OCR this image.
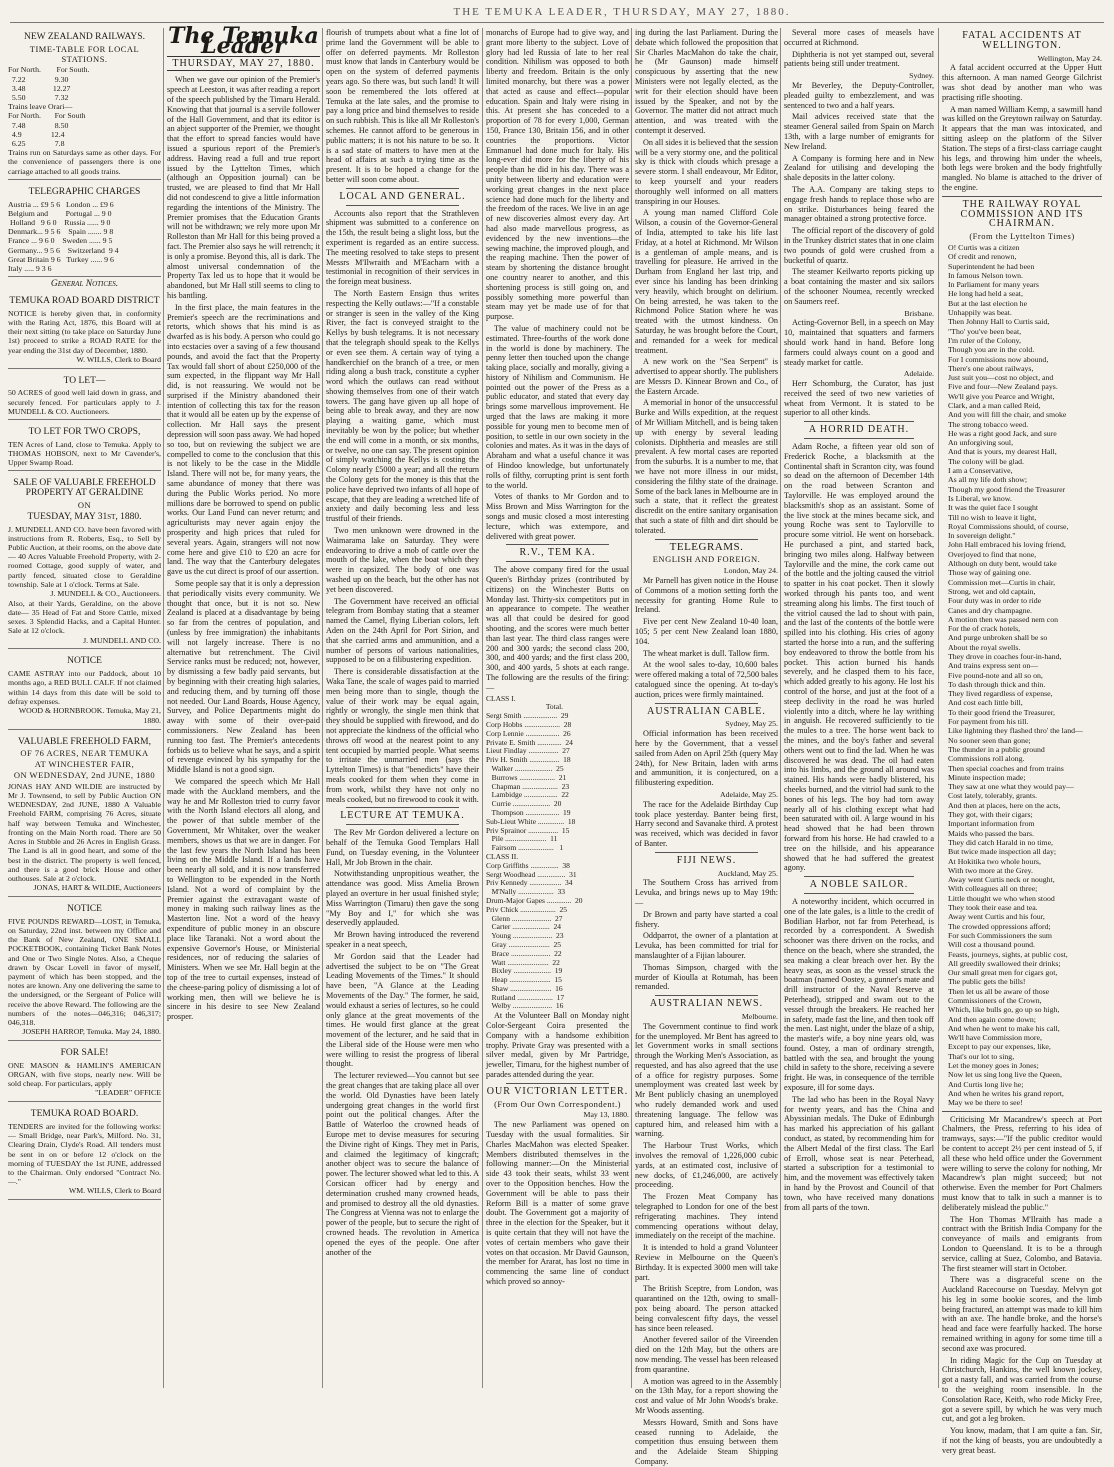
THE TEMUKA LEADER, THURSDAY, MAY 27, 1880.
NEW ZEALAND RAILWAYS.
TIME-TABLE FOR LOCAL STATIONS.
For North.        For South.
7.22               9.30
3.48              12.27
5.50               7.32
Trains leave Orari—
For North.       For South
7.48               8.50
4.9               12.4
6.25               7.8
Trains run on Saturdays same as other days. For the convenience of passengers there is one carriage attached to all goods trains.
TELEGRAPHIC CHARGES
Austria ... £9 5 6   London ... £9 6
Belgium and         Portugal ... 9 0
Holland   9 6 0    Russia ...... 9 0
Denmark... 9 5 6    Spain ....... 9 8
France ... 9 6 0    Sweden ...... 9 5
Germany... 9 5 6    Switzerland  9 4
Great Britain 9 6   Turkey ...... 9 6
Italy ..... 9 3 6
General Notices.
TEMUKA ROAD BOARD DISTRICT
NOTICE is hereby given that, in conformity with the Rating Act, 1876, this Board will at their next sitting (to take place on Saturday June 1st) proceed to strike a ROAD RATE for the year ending the 31st day of December, 1880.
W. WILLS, Clerk to Board
TO LET—
50 ACRES of good well laid down in grass, and securely fenced. For particulars apply to J. MUNDELL & CO. Auctioneers.
TO LET FOR TWO CROPS,
TEN Acres of Land, close to Temuka. Apply to THOMAS HOBSON, next to Mr Cavender's, Upper Swamp Road.
SALE OF VALUABLE FREEHOLD PROPERTY AT GERALDINE
ON
TUESDAY, MAY 31st, 1880.
J. MUNDELL AND CO. have been favored with instructions from R. Roberts, Esq., to Sell by Public Auction, at their rooms, on the above date— 40 Acres Valuable Freehold Property, with 2-roomed Cottage, good supply of water, and partly fenced, situated close to Geraldine township. Sale at 1 o'clock. Terms at Sale.
J. MUNDELL & CO., Auctioneers.
Also, at their Yards, Geraldine, on the above date— 35 Head of Fat and Store Cattle, mixed sexes. 3 Splendid Hacks, and a Capital Hunter. Sale at 12 o'clock.
J. MUNDELL AND CO.
NOTICE
CAME ASTRAY into our Paddock, about 10 months ago, a RED BULL CALF. If not claimed within 14 days from this date will be sold to defray expenses.
WOOD & HORNBROOK. Temuka, May 21, 1880.
VALUABLE FREEHOLD FARM,
OF 76 ACRES, NEAR TEMUKA
AT WINCHESTER FAIR,
ON WEDNESDAY, 2nd JUNE, 1880
JONAS HAY AND WILDIE are instructed by Mr J. Townsend, to sell by Public Auction ON WEDNESDAY, 2nd JUNE, 1880 A Valuable Freehold FARM, comprising 76 Acres, situate half way between Temuka and Winchester, fronting on the Main North road. There are 50 Acres in Stubble and 26 Acres in English Grass. The Land is all in good heart, and some of the best in the district. The property is well fenced, and there is a good brick House and other outhouses. Sale at 2 o'clock.
JONAS, HART & WILDIE, Auctioneers
NOTICE
FIVE POUNDS REWARD—LOST, in Temuka, on Saturday, 22nd inst. between my Office and the Bank of New Zealand, ONE SMALL POCKETBOOK, containing Ticket Bank Notes and One or Two Single Notes. Also, a Cheque drawn by Oscar Lovell in favor of myself, payment of which has been stopped, and the notes are known. Any one delivering the same to the undersigned, or the Sergeant of Police will receive the above Reward. The following are the numbers of the notes—046,316; 046,317; 046,318.
JOSEPH HARROP, Temuka. May 24, 1880.
FOR SALE!
ONE MASON & HAMLIN'S AMERICAN ORGAN, with five stops, nearly new. Will be sold cheap. For particulars, apply
"LEADER" OFFICE
TEMUKA ROAD BOARD.
TENDERS are invited for the following works:— Small Bridge, near Park's, Milford. No. 31, Clearing Drain, Clyde's Road. All tenders must be sent in on or before 12 o'clock on the morning of TUESDAY the 1st JUNE, addressed to the Chairman. Only endorsed "Contract No. —."
WM. WILLS, Clerk to Board
The Temuka Leader
THURSDAY, MAY 27, 1880.

When we gave our opinion of the Premier's speech at Leeston, it was after reading a report of the speech published by the Timaru Herald. Knowing that that journal is a servile follower of the Hall Government, and that its editor is an abject supporter of the Premier, we thought that the effort to spread fancies would have issued a spurious report of the Premier's address. Having read a full and true report issued by the Lyttelton Times, which (although an Opposition journal) can be trusted, we are pleased to find that Mr Hall did not condescend to give a little information regarding the intentions of the Ministry. The Premier promises that the Education Grants will not be withdrawn; we rely more upon Mr Rolleston than Mr Hall for this being proved a fact. The Premier also says he will retrench; it is only a promise. Beyond this, all is dark. The almost universal condemnation of the Property Tax led us to hope that it would be abandoned, but Mr Hall still seems to cling to his bantling.

In the first place, the main features in the Premier's speech are the recriminations and retorts, which shows that his mind is as dwarfed as is his body. A person who could go into ecstacies over a saving of a few thousand pounds, and avoid the fact that the Property Tax would fall short of about £250,000 of the sum expected, in the flippant way Mr Hall did, is not reassuring. We would not be surprised if the Ministry abandoned their intention of collecting this tax for the reason that it would all be eaten up by the expense of collection. Mr Hall says the present depression will soon pass away. We had hoped so too, but on reviewing the subject we are compelled to come to the conclusion that this is not likely to be the case in the Middle Island. There will not be, for many years, the same abundance of money that there was during the Public Works period. No more millions dare be borrowed to spend on public works. Our Land Fund can never return; and agriculturists may never again enjoy the prosperity and high prices that ruled for several years. Again, strangers will not now come here and give £10 to £20 an acre for land. The way that the Canterbury delegates gave us the cut direct is proof of our assertion.

Some people say that it is only a depression that periodically visits every community. We thought that once, but it is not so. New Zealand is placed at a disadvantage by being so far from the centres of population, and (unless by free immigration) the inhabitants will not largely increase. There is no alternative but retrenchment. The Civil Service ranks must be reduced; not, however, by dismissing a few badly paid servants, but by beginning with their creating high salaries, and reducing them, and by turning off those not needed. Our Land Boards, House Agency, Survey, and Police Departments might do away with some of their over-paid commissioners. New Zealand has been running too fast. The Premier's antecedents forbids us to believe what he says, and a spirit of revenge evinced by his sympathy for the Middle Island is not a good sign.

We compared the speech which Mr Hall made with the Auckland members, and the way he and Mr Rolleston tried to curry favor with the North Island electors all along, and the power of that subtle member of the Government, Mr Whitaker, over the weaker members, shows us that we are in danger. For the last few years the North Island has been living on the Middle Island. If a lands have been nearly all sold, and it is now transferred to Wellington to be expended in the North Island. Not a word of complaint by the Premier against the extravagant waste of money in making such railway lines as the Masterton line. Not a word of the heavy expenditure of public money in an obscure place like Taranaki. Not a word about the expensive Governor's House, or Ministerial residences, nor of reducing the salaries of Ministers. When we see Mr. Hall begin at the top of the tree to curtail expenses, instead of the cheese-paring policy of dismissing a lot of working men, then will we believe he is sincere in his desire to see New Zealand prosper.

flourish of trumpets about what a fine lot of prime land the Government will be able to offer on deferred payments. Mr Rolleston must know that lands in Canterbury would be open on the system of deferred payments years ago. So there was, but such land! It will soon be remembered the lots offered at Temuka at the late sales, and the promise to pay a long price and bind themselves to reside on such rubbish. This is like all Mr Rolleston's schemes. He cannot afford to be generous in public matters; it is not his nature to be so. It is a sad state of matters to have men at the head of affairs at such a trying time as the present. It is to be hoped a change for the better will soon come about.

LOCAL AND GENERAL.

Accounts also report that the Strathleven shipment was submitted to a conference on the 15th, the result being a slight loss, but the experiment is regarded as an entire success. The meeting resolved to take steps to present Messrs M'Ilwraith and M'Eacharn with a testimonial in recognition of their services in the foreign meat business.

The North Eastern Ensign thus writes respecting the Kelly outlaws:—"If a constable or stranger is seen in the valley of the King River, the fact is conveyed straight to the Kellys by bush telegrams. It is not necessary that the telegraph should speak to the Kellys or even see them. A certain way of tying a handkerchief on the branch of a tree, or men riding along a bush track, constitute a cypher word which the outlaws can read without showing themselves from one of their watch towers. The gang have given up all hope of being able to break away, and they are now playing a waiting game, which must inevitably be won by the police; but whether the end will come in a month, or six months, or twelve, no one can say. The present opinion of simply watching the Kellys is costing the Colony nearly £5000 a year; and all the return the Colony gets for the money is this that the police have deprived two infants of all hope of escape, that they are leading a wretched life of anxiety and daily becoming less and less trustful of their friends.

Two men unknown were drowned in the Waimarama lake on Saturday. They were endeavoring to drive a mob of cattle over the mouth of the lake, when the boat which they were in capsized. The body of one was washed up on the beach, but the other has not yet been discovered.

The Government have received an official telegram from Bombay stating that a steamer named the Camel, flying Liberian colors, left Aden on the 24th April for Port Sirion, and that she carried arms and ammunition, and a number of persons of various nationalities, supposed to be on a filibustering expedition.

There is considerable dissatisfaction at the Waka Tane, the scale of wages paid to married men being more than to single, though the value of their work may be equal again, rightly or wrongly, the single men think that they should be supplied with firewood, and do not appreciate the kindness of the official who throws off wood at the nearest point to any tent occupied by married people. What seems to irritate the unmarried men (says the Lyttelton Times) is that "benedicts" have their meals cooked for them when they come in from work, whilst they have not only no meals cooked, but no firewood to cook it with.

LECTURE AT TEMUKA.

The Rev Mr Gordon delivered a lecture on behalf of the Temuka Good Templars Hall Fund, on Tuesday evening, in the Volunteer Hall, Mr Job Brown in the chair.

Notwithstanding unpropitious weather, the attendance was good. Miss Amelia Brown played an overture in her usual finished style; Miss Warrington (Timaru) then gave the song "My Boy and I," for which she was deservedly applauded.

Mr Brown having introduced the reverend speaker in a neat speech,

Mr Gordon said that the Leader had advertised the subject to be on "The Great Leading Movements of the Times." It should have been, "A Glance at the Leading Movements of the Day." The former, he said, would exhaust a series of lectures, so he could only glance at the great movements of the times. He would first glance at the great movement of the lecturer, and he said that in the Liberal side of the House were men who were willing to resist the progress of liberal thought.

The lecturer reviewed—You cannot but see the great changes that are taking place all over the world. Old Dynasties have been lately undergoing great changes in the world first point out the political changes. After the Battle of Waterloo the crowned heads of Europe met to devise measures for securing the Divine right of Kings. They met in Paris, and claimed the legitimacy of kingcraft; another object was to secure the balance of power. The lecturer showed what led to this. A Corsican officer had by energy and determination crushed many crowned heads, and promised to destroy all the old dynasties. The Congress at Vienna was not to enlarge the power of the people, but to secure the right of crowned heads. The revolution in America opened the eyes of the people. One after another of the

monarchs of Europe had to give way, and grant more liberty to the subject. Love of glory had led Russia of late to her real condition. Nihilism was opposed to both liberty and freedom. Britain is the only limited monarchy, but there was a power that acted as cause and effect—popular education. Spain and Italy were rising in this. At present she has conceded to a proportion of 78 for every 1,000, German 150, France 130, Britain 156, and in other countries the proportions. Victor Emmanuel had done much for Italy. His long-ever did more for the liberty of his people than he did in his day. There was a unity between liberty and education were working great changes in the next place science had done much for the liberty and the freedom of the races. We live in an age of new discoveries almost every day. Art had also made marvellous progress, as evidenced by the new inventions—the sewing machine, the improved plough, and the reaping machine. Then the power of steam by shortening the distance brought one country nearer to another, and this shortening process is still going on, and possibly something more powerful than steam may yet be made use of for that purpose.

The value of machinery could not be estimated. Three-fourths of the work done in the world is done by machinery. The penny letter then touched upon the change taking place, socially and morally, giving a history of Nihilism and Communism. He pointed out the power of the Press as a public educator, and stated that every day brings some marvellous improvement. He urged that the laws are making it more possible for young men to become men of position, to settle in our own society in the colonies and mates. As it was in the days of Abraham and what a useful chance it was of Hindoo knowledge, but unfortunately rolls of filthy, corrupting print is sent forth to the world.

Votes of thanks to Mr Gordon and to Miss Brown and Miss Warrington for the songs and music closed a most interesting lecture, which was extempore, and delivered with great power.

R.V., TEM KA.

The above company fired for the usual Queen's Birthday prizes (contributed by citizens) on the Winchester Butts on Monday last. Thirty-six competitors put in an appearance to compete. The weather was all that could be desired for good shooting, and the scores were much better than last year. The third class ranges were 200 and 300 yards; the second class 200, 300, and 400 yards; and the first class 200, 300, and 400 yards, 5 shots at each range. The following are the results of the firing:—

CLASS I.
Total.
Sergt Smith ..................  29
Corp Hobbs ...................  28
Corp Lennie ..................  26
Private E. Smith .............  24
Lieut Findlay ................  27
Priv H. Smith ................  18
Walker ....................  25
Burrows ...................  21
Chapman ...................  23
Lambidge ..................  22
Currie ....................  20
Thompson ..................  19
Sub-Lieut White ..............  18
Priv Sprainor ................  15
Pile ......................  11
Fairsom ...................   1
CLASS II.
Corp Griffiths ...............  38
Sergt Woodhead ...............  31
Priv Kennedy .................  34
M'Nally ...................  33
Drum-Major Gapes .............  20
Priv Chick ...................  25
Glenn .....................  27
Carter ....................  24
Young .....................  23
Gray ......................  25
Brace .....................  22
Watt ......................  22
Bixley ....................  19
Heap ......................  15
Shaw ......................  16
Rutland ...................  17
Welby .....................  16

At the Volunteer Ball on Monday night Color-Sergeant Coira presented the Company with a handsome exhibition trophy. Private Gray was presented with a silver medal, given by Mr Partridge, jeweller, Timaru, for the highest number of parades attended during the year.

OUR VICTORIAN LETTER.
(From Our Own Correspondent.)
May 13, 1880.

The new Parliament was opened on Tuesday with the usual formalities. Sir Charles MacMahon was elected Speaker. Members distributed themselves in the following manner:—On the Ministerial side 43 took their seats, whilst 33 went over to the Opposition benches. How the Government will be able to pass their Reform Bill is a matter of some grave doubt. The Government got a majority of three in the election for the Speaker, but it is quite certain that they will not have the votes of certain members who gave their votes on that occasion. Mr David Gaunson, the member for Ararat, has lost no time in commencing the same line of conduct which proved so annoy-

ing during the last Parliament. During the debate which followed the proposition that Sir Charles MacMahon do take the chair, he (Mr Gaunson) made himself conspicuous by asserting that the new Ministers were not legally elected, as the writ for their election should have been issued by the Speaker, and not by the Governor. The matter did not attract much attention, and was treated with the contempt it deserved.

On all sides it is believed that the session will be a very stormy one, and the political sky is thick with clouds which presage a severe storm. I shall endeavour, Mr Editor, to keep yourself and your readers thoroughly well informed on all matters transpiring in our Houses.

A young man named Clifford Cole Wilson, a cousin of the Governor-General of India, attempted to take his life last Friday, at a hotel at Richmond. Mr Wilson is a gentleman of ample means, and is travelling for pleasure. He arrived in the Durham from England her last trip, and ever since his landing has been drinking very heavily, which brought on delirium. On being arrested, he was taken to the Richmond Police Station where he was treated with the utmost kindness. On Saturday, he was brought before the Court, and remanded for a week for medical treatment.

A new work on the "Sea Serpent" is advertised to appear shortly. The publishers are Messrs D. Kinnear Brown and Co., of the Eastern Arcade.

A memorial in honor of the unsuccessful Burke and Wills expedition, at the request of Mr William Mitchell, and is being taken up with energy by several leading colonists. Diphtheria and measles are still prevalent. A few mortal cases are reported from the suburbs. It is a number to me, that we have not more illness in our midst, considering the filthy state of the drainage. Some of the back lanes in Melbourne are in such a state, that it reflect the greatest discredit on the entire sanitary organisation that such a state of filth and dirt should be tolerated.

TELEGRAMS.
ENGLISH AND FOREIGN.
London, May 24.

Mr Parnell has given notice in the House of Commons of a motion setting forth the necessity for granting Home Rule to Ireland.

Five per cent New Zealand 10-40 loan, 105; 5 per cent New Zealand loan 1880, 104.

The wheat market is dull. Tallow firm.

At the wool sales to-day, 10,600 bales were offered making a total of 72,500 bales catalogued since the opening. At to-day's auction, prices were firmly maintained.

AUSTRALIAN CABLE.
Sydney, May 25.

Official information has been received here by the Government, that a vessel sailed from Aden on April 25th (query May 24th), for New Britain, laden with arms and ammunition, it is conjectured, on a filibustering expedition.

Adelaide, May 25.

The race for the Adelaide Birthday Cup took place yesterday. Banter being first, Harry second and Savanake third. A protest was received, which was decided in favor of Banter.

FIJI NEWS.
Auckland, May 25.

The Southern Cross has arrived from Levuka, and brings news up to May 19th:—

Dr Brown and party have started a coal fishery.

Oddparrot, the owner of a plantation at Levuka, has been committed for trial for manslaughter of a Fijian labourer.

Thomas Simpson, charged with the murder of Kioulla at Rotumah, has been remanded.

AUSTRALIAN NEWS.
Melbourne.

The Government continue to find work for the unemployed. Mr Bent has agreed to let Government works in small sections through the Working Men's Association, as requested, and has also agreed that the use of a office for registry purposes. Some unemployment was created last week by Mr Bent publicly chasing an unemployed who rudely demanded work and used threatening language. The fellow was captured him, and released him with a warning.

The Harbour Trust Works, which involves the removal of 1,226,000 cubic yards, at an estimated cost, inclusive of new docks, of £1,246,000, are actively proceeding.

The Frozen Meat Company has telegraphed to London for one of the best refrigerating machines. They intend commencing operations without delay, immediately on the receipt of the machine.

It is intended to hold a grand Volunteer Review in Melbourne on the Queen's Birthday. It is expected 3000 men will take part.

The British Sceptre, from London, was quarantined on the 12th, owing to small-pox being aboard. The person attacked being convalescent fifty days, the vessel has since been released.

Another fevered sailor of the Vireenden died on the 12th May, but the others are now mending. The vessel has been released from quarantine.

A motion was agreed to in the Assembly on the 13th May, for a report showing the cost and value of Mr John Woods's brake. Mr Woods assenting.

Messrs Howard, Smith and Sons have ceased running to Adelaide, the competition thus ensuing between them and the Adelaide Steam Shipping Company.

Several more cases of measels have occurred at Richmond.

Diphtheria is not yet stamped out, several patients being still under treatment.

Sydney.

Mr Beverley, the Deputy-Controller, pleaded guilty to embezzlement, and was sentenced to two and a half years.

Mail advices received state that the steamer General sailed from Spain on March 13th, with a large number of emigrants for New Ireland.

A Company is forming here and in New Zealand for utilising and developing the shale deposits in the latter colony.

The A.A. Company are taking steps to engage fresh hands to replace those who are on strike. Disturbances being feared the manager obtained a strong protective force.

The official report of the discovery of gold in the Trunkey district states that in one claim two pounds of gold were crushed from a bucketful of quartz.

The steamer Keilwarto reports picking up a boat containing the master and six sailors of the schooner Noumea, recently wrecked on Saumers reef.

Brisbane.

Acting-Governor Bell, in a speech on May 10, maintained that squatters and farmers should work hand in hand. Before long farmers could always count on a good and steady market for cattle.

Adelaide.

Herr Schomburg, the Curator, has just received the seed of two new varieties of wheat from Vermont. It is stated to be superior to all other kinds.

A HORRID DEATH.

Adam Roche, a fifteen year old son of Frederick Roche, a blacksmith at the Continental shaft in Scranton city, was found so dead on the afternoon of December 14th on the road between Scranton and Taylorville. He was employed around the blacksmith's shop as an assistant. Some of the live stock at the mines became sick, and young Roche was sent to Taylorville to procure some vitriol. He went on horseback. He purchased a pint, and started back, bringing two miles along. Halfway between Taylorville and the mine, the cork came out of the bottle and the jolting caused the vitriol to spatter in his coat pocket. Then it slowly worked through his pants too, and went streaming along his limbs. The first touch of the vitriol caused the lad to shout with pain, and the last of the contents of the bottle were spilled into his clothing. His cries of agony started the horse into a run, and the suffering boy endeavored to throw the bottle from his pocket. This action burned his hands severely, and he clasped them to his face, which added greatly to his agony. He lost his control of the horse, and just at the foot of a steep declivity in the road he was hurled violently into a ditch, where he lay writhing in anguish. He recovered sufficiently to tie the mules to a tree. The horse went back to the mines, and the boy's father and several others went out to find the lad. When he was discovered he was dead. The oil had eaten into his limbs, and the ground all around was stained. His hands were badly blistered, his cheeks burned, and the vitriol had sunk to the bones of his legs. The boy had torn away nearly all of his clothing except what had been saturated with oil. A large wound in his head showed that he had been thrown forward from his horse. He had crawled to a tree on the hillside, and his appearance showed that he had suffered the greatest agony.

A NOBLE SAILOR.

A noteworthy incident, which occurred in one of the late gales, is a little to the credit of Bodilian Harbor, not far from Peterhead, is recorded by a correspondent. A Swedish schooner was there driven on the rocks, and thence on the beach, where she stranded, the sea making a clear breach over her. By the heavy seas, as soon as the vessel struck the boatman (named Oostey, a gunner's mate and drill instructor of the Naval Reserve at Peterhead), stripped and swam out to the vessel through the breakers. He reached her in safety, made fast the line, and then took off the men. Last night, under the blaze of a ship, the master's wife, a boy nine years old, was found. Ostey, a man of ordinary strength, battled with the sea, and brought the young child in safety to the shore, receiving a severe fright. He was, in consequence of the terrible exposure, ill for some days.

The lad who has been in the Royal Navy for twenty years, and has the China and Abyssinian medals. The Duke of Edinburgh has marked his appreciation of his gallant conduct, as stated, by recommending him for the Albert Medal of the first class. The Earl of Erroll, whose seat is near Peterhead, started a subscription for a testimonial to him, and the movement was effectively taken in hand by the Provost and Council of that town, who have received many donations from all parts of the town.

FATAL ACCIDENTS AT WELLINGTON.
Wellington, May 24.

A fatal accident occurred at the Upper Hutt this afternoon. A man named George Gilchrist was shot dead by another man who was practising rifle shooting.

A man named William Kemp, a sawmill hand was killed on the Greytown railway on Saturday. It appears that the man was intoxicated, and sitting asleep on the platform of the Silver Station. The steps of a first-class carriage caught his legs, and throwing him under the wheels, both legs were broken and the body frightfully mangled. No blame is attached to the driver of the engine.

THE RAILWAY ROYAL COMMISSION AND ITS CHAIRMAN.
(From the Lyttelton Times)
O! Curtis was a citizen
Of credit and renown,
Superintendent he had been
In famous Nelson town.
In Parliament for many years
He long had held a seat,
But at the last election he
Unhappily was beat.
Then Johnny Hall to Curtis said,
"Tho' you've been beat,
I'm ruler of the Colony,
Though you are in the cold.
For I commissions now abound,
There's one about railways,
Just suit you—cost no object, and
Five and four—New Zealand pays.
We'll give you Pearce and Wright,
Clark, and a man called Reid,
And you will fill the chair, and smoke
The strong tobacco weed.
He was a right good Jack, and sure
An unforgiving soul,
And that is yours, my dearest Hall,
The colony will be glad.
I am a Conservative,
As all my life doth show;
Though my good friend the Treasurer
Is Liberal, we know.
It was the quiet face I sought
Till no wish to leave it light,
Royal Commissions should, of course,
In sovereign delight."
John Hall embraced his loving friend,
Overjoyed to find that none,
Although on duty bent, would take
Those way of gaining one.
Commission met—Curtis in chair,
Strong, wet and old captain,
Four duty was in order to ride
Canes and dry champagne.
A motion then was passed nem con
For the of crack hotels,
And purge unbroken shall be so
About the royal swells.
They drove in coaches four-in-hand,
And trains express sent on—
Five pound-note and all so on,
To dash through thick and thin.
They lived regardless of expense,
And cost each little bill,
To their good friend the Treasurer,
For payment from his till.
Like lightning they flashed thro' the land—
No sooner seen than gone;
The thunder in a public ground
Commissions roll along.
Then special coaches and from trains
Minute inspection made;
They saw at one what they would pay—
Cost lately, tolerably, grants.
And then at places, here on the acts,
They got, with their cigars;
Important information from
Maids who passed the bars.
They did catch Harald in no time,
But twice made inspection all day;
At Hokitika two whole hours,
With two more at the Grey.
Away went Curtis neck or nought,
With colleagues all on three;
Little thought we who when stood
They took their ease and tea.
Away went Curtis and his four,
The crowded oppressions afford;
For such Commissioners the sum
Will cost a thousand pound.
Feasts, journeys, sights, at public cost,
All greedily swallowed their drinks;
Our small great men for cigars got,
The public gets the bills!
Then let us all be aware of those
Commissioners of the Crown,
Which, like bulls go, go up so high,
And then again come down;
And when he went to make his call,
We'll have Commission more,
Except to pay our expenses, like,
That's our lot to sing,
Let the money goes in Jones;
Now let us sing long live the Queen,
And Curtis long live he;
And when he writes his grand report,
May we be there to see!

Criticising Mr Macandrew's speech at Port Chalmers, the Press, referring to his idea of tramways, says:—"If the public creditor would be content to accept 2½ per cent instead of 5, if all these who held office under the Government were willing to serve the colony for nothing, Mr Macandrew's plan might succeed; but not otherwise. Even the member for Port Chalmers must know that to talk in such a manner is to deliberately mislead the public."

The Hon Thomas M'Ilraith has made a contract with the British India Company for the conveyance of mails and emigrants from London to Queensland. It is to be a through service, calling at Suez, Colombo, and Batavia. The first steamer will start in October.

There was a disgraceful scene on the Auckland Racecourse on Tuesday. Melvyn got his leg in some bookie scores, and the limb being fractured, an attempt was made to kill him with an axe. The handle broke, and the horse's head and face were fearfully hacked. The horse remained writhing in agony for some time till a second axe was procured.

In riding Magic for the Cup on Tuesday at Christchurch, Hankins, the well known jockey, got a nasty fall, and was carried from the course to the weighing room insensible. In the Consolation Race, Keith, who rode Micky Free, got a severe spill, by which he was very much cut, and got a leg broken.

You know, madam, that I am quite a fan. Sir, if not the king of beasts, you are undoubtedly a very great beast.
